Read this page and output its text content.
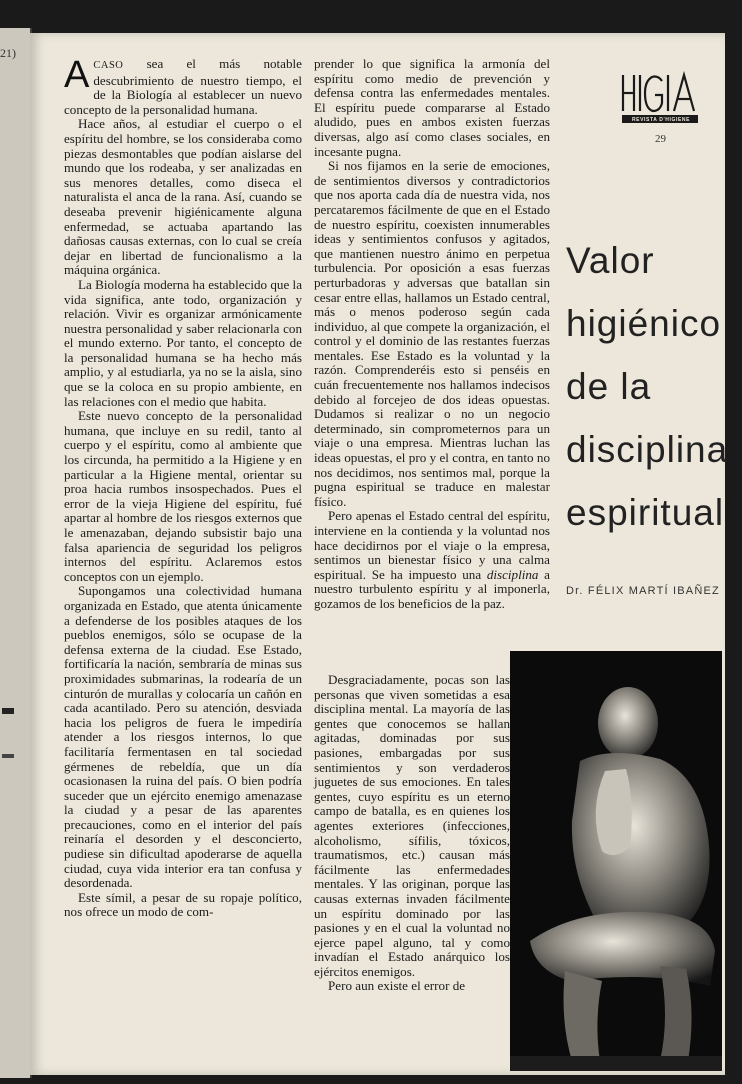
21)

ACASO sea el más notable descubrimiento de nuestro tiempo, el de la Biología al establecer un nuevo concepto de la personalidad humana.

Hace años, al estudiar el cuerpo o el espíritu del hombre, se los consideraba como piezas desmontables que podían aislarse del mundo que los rodeaba, y ser analizadas en sus menores detalles, como diseca el naturalista el anca de la rana. Así, cuando se deseaba prevenir higiénicamente alguna enfermedad, se actuaba apartando las dañosas causas externas, con lo cual se creía dejar en libertad de funcionalismo a la máquina orgánica.

La Biología moderna ha establecido que la vida significa, ante todo, organización y relación. Vivir es organizar armónicamente nuestra personalidad y saber relacionarla con el mundo externo. Por tanto, el concepto de la personalidad humana se ha hecho más amplio, y al estudiarla, ya no se la aisla, sino que se la coloca en su propio ambiente, en las relaciones con el medio que habita.

Este nuevo concepto de la personalidad humana, que incluye en su redil, tanto al cuerpo y el espíritu, como al ambiente que los circunda, ha permitido a la Higiene y en particular a la Higiene mental, orientar su proa hacia rumbos insospechados. Pues el error de la vieja Higiene del espíritu, fué apartar al hombre de los riesgos externos que le amenazaban, dejando subsistir bajo una falsa apariencia de seguridad los peligros internos del espíritu. Aclaremos estos conceptos con un ejemplo.

Supongamos una colectividad humana organizada en Estado, que atenta únicamente a defenderse de los posibles ataques de los pueblos enemigos, sólo se ocupase de la defensa externa de la ciudad. Ese Estado, fortificaría la nación, sembraría de minas sus proximidades submarinas, la rodearía de un cinturón de murallas y colocaría un cañón en cada acantilado. Pero su atención, desviada hacia los peligros de fuera le impediría atender a los riesgos internos, lo que facilitaría fermentasen en tal sociedad gérmenes de rebeldía, que un día ocasionasen la ruina del país. O bien podría suceder que un ejército enemigo amenazase la ciudad y a pesar de las aparentes precauciones, como en el interior del país reinaría el desorden y el desconcierto, pudiese sin dificultad apoderarse de aquella ciudad, cuya vida interior era tan confusa y desordenada.

Este símil, a pesar de su ropaje político, nos ofrece un modo de com-

prender lo que significa la armonía del espíritu como medio de prevención y defensa contra las enfermedades mentales. El espíritu puede compararse al Estado aludido, pues en ambos existen fuerzas diversas, algo así como clases sociales, en incesante pugna.

Si nos fijamos en la serie de emociones, de sentimientos diversos y contradictorios que nos aporta cada día de nuestra vida, nos percataremos fácilmente de que en el Estado de nuestro espíritu, coexisten innumerables ideas y sentimientos confusos y agitados, que mantienen nuestro ánimo en perpetua turbulencia. Por oposición a esas fuerzas perturbadoras y adversas que batallan sin cesar entre ellas, hallamos un Estado central, más o menos poderoso según cada individuo, al que compete la organización, el control y el dominio de las restantes fuerzas mentales. Ese Estado es la voluntad y la razón. Comprenderéis esto si penséis en cuán frecuentemente nos hallamos indecisos debido al forcejeo de dos ideas opuestas. Dudamos si realizar o no un negocio determinado, sin comprometernos para un viaje o una empresa. Mientras luchan las ideas opuestas, el pro y el contra, en tanto no nos decidimos, nos sentimos mal, porque la pugna espiritual se traduce en malestar físico.

Pero apenas el Estado central del espíritu, interviene en la contienda y la voluntad nos hace decidirnos por el viaje o la empresa, sentimos un bienestar físico y una calma espiritual. Se ha impuesto una disciplina a nuestro turbulento espíritu y al imponerla, gozamos de los beneficios de la paz.

Desgraciadamente, pocas son las personas que viven sometidas a esa disciplina mental. La mayoría de las gentes que conocemos se hallan agitadas, dominadas por sus pasiones, embargadas por sus sentimientos y son verdaderos juguetes de sus emociones. En tales gentes, cuyo espíritu es un eterno campo de batalla, es en quienes los agentes exteriores (infecciones, alcoholismo, sífilis, tóxicos, traumatismos, etc.) causan más fácilmente las enfermedades mentales. Y las originan, porque las causas externas invaden fácilmente un espíritu dominado por las pasiones y en el cual la voluntad no ejerce papel alguno, tal y como invadían el Estado anárquico los ejércitos enemigos.

Pero aun existe el error de

REVISTA D'HIGIENE
29
Valor
higiénico
de la
disciplina
espiritual
Dr. FÉLIX MARTÍ IBAÑEZ
